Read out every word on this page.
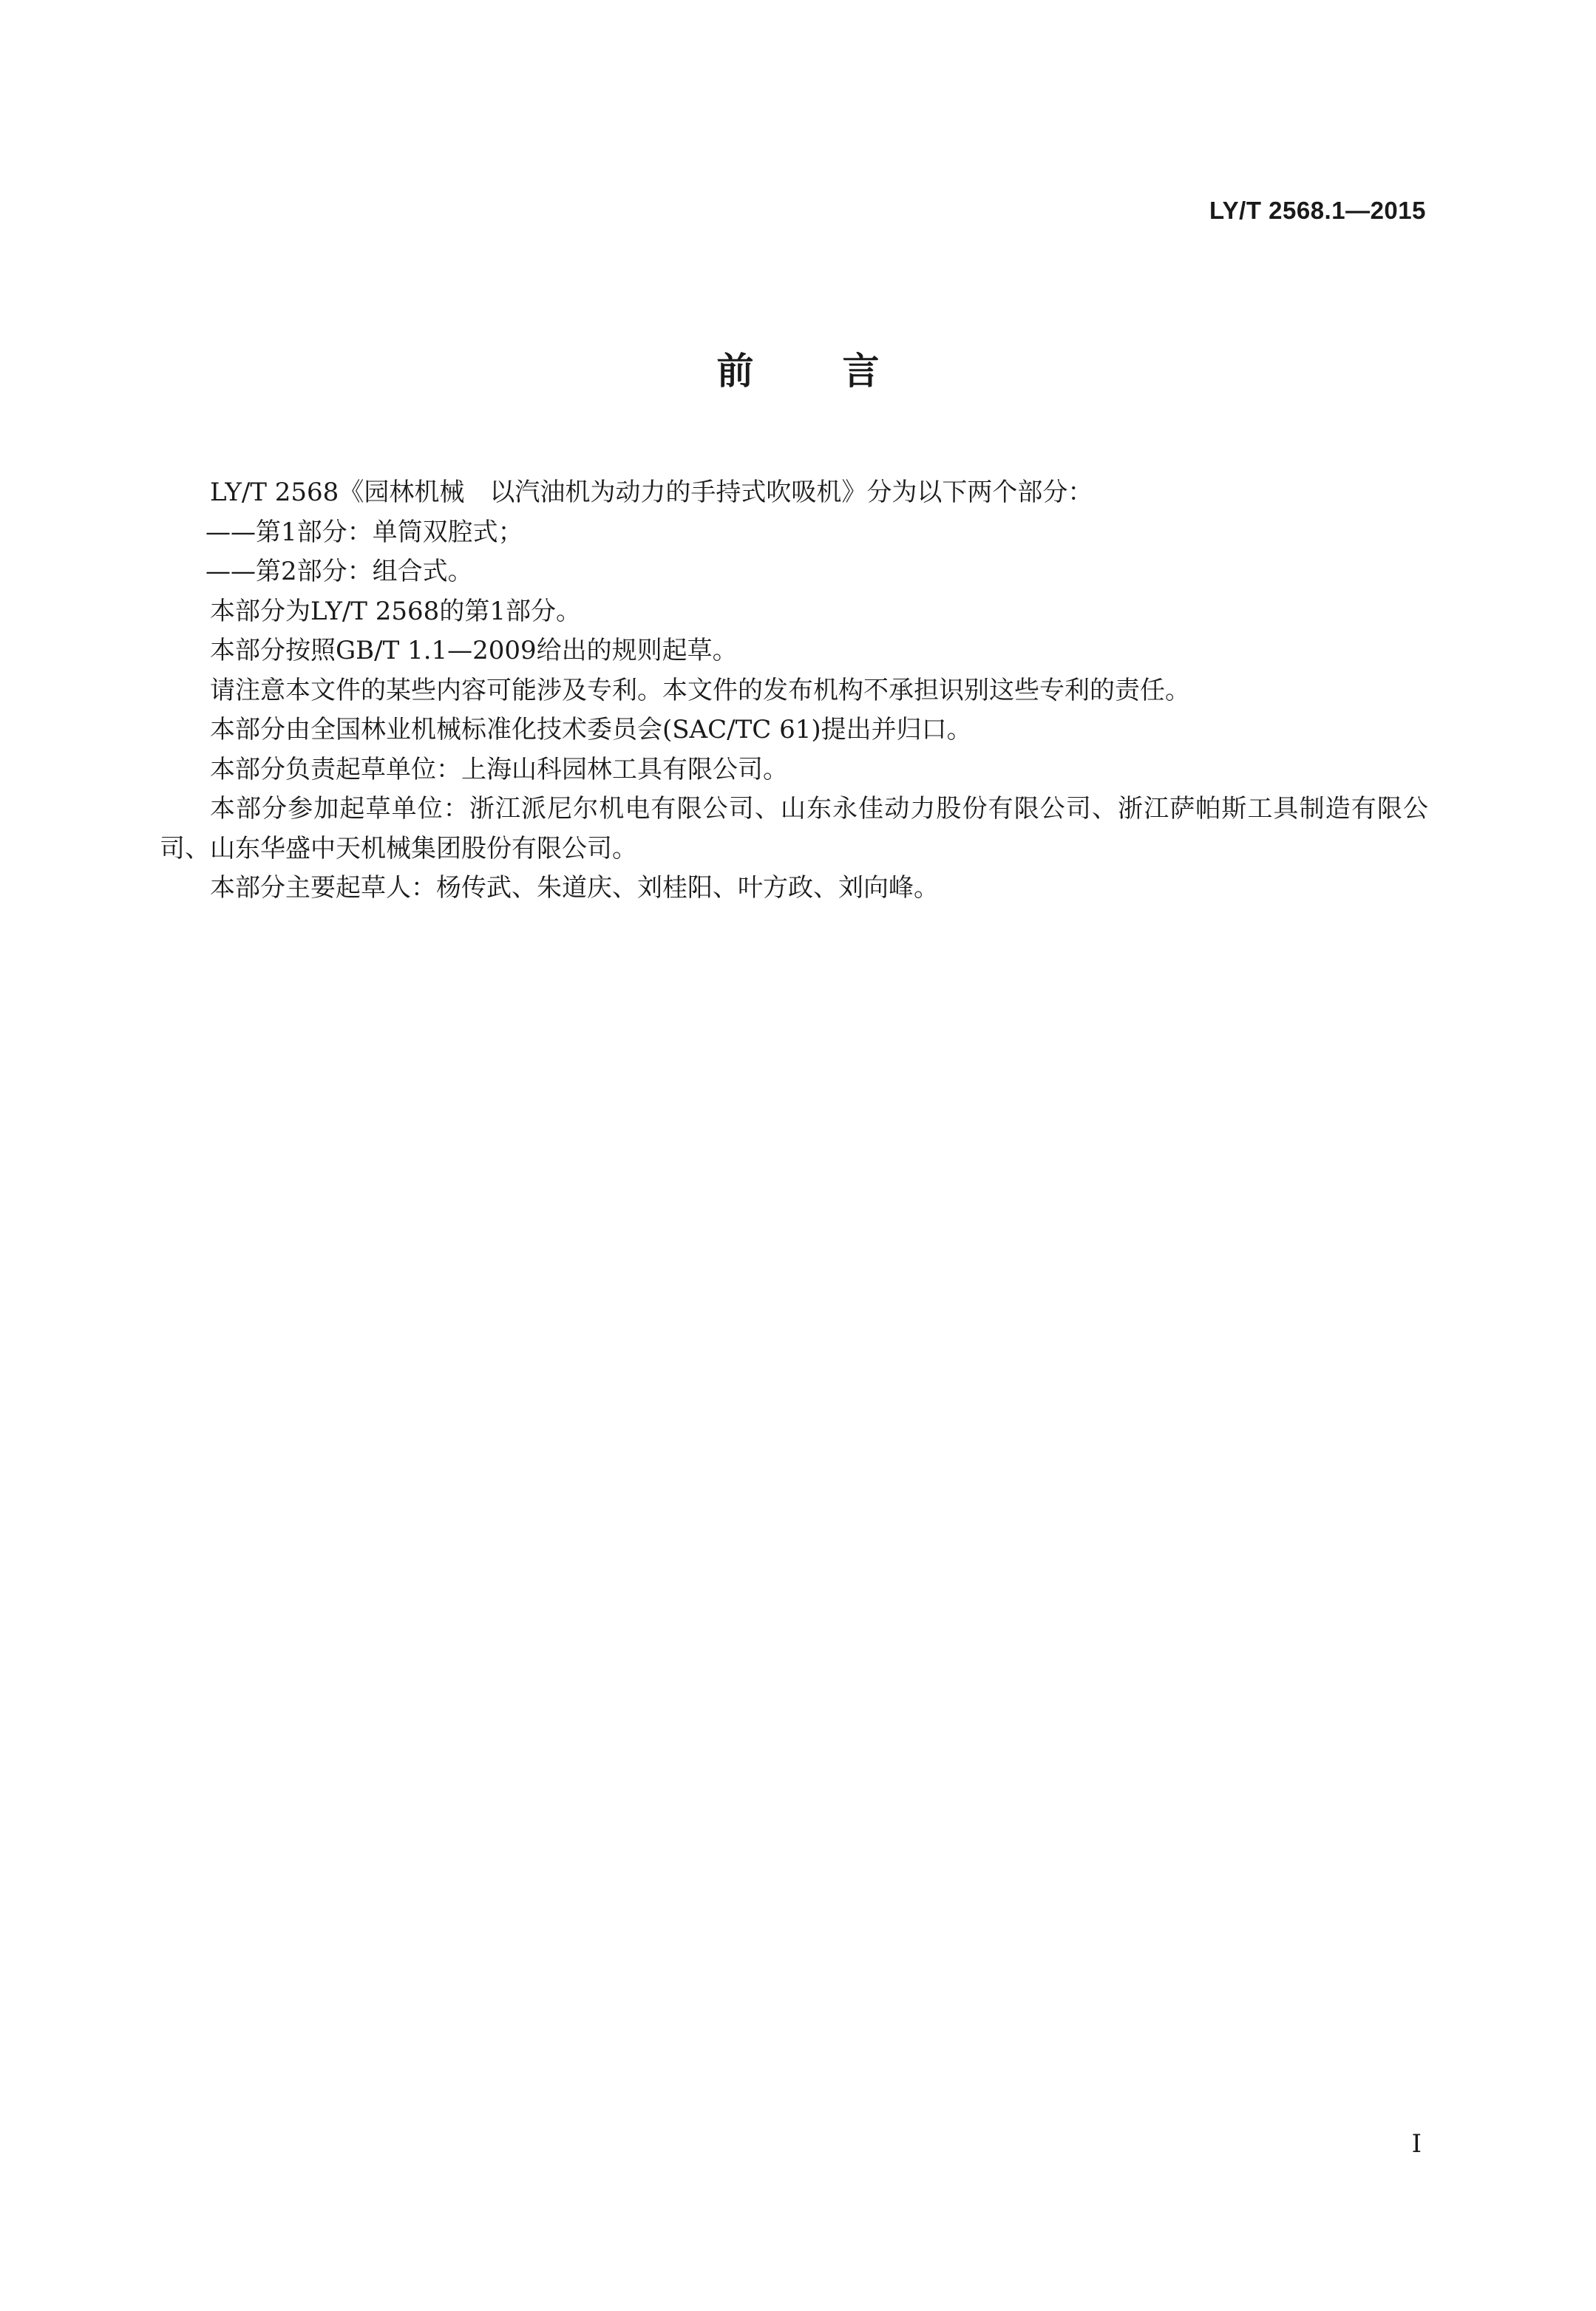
LY/T 2568.1—2015
前言

LY/T 2568《园林机械　以汽油机为动力的手持式吹吸机》分为以下两个部分：

——第1部分：单筒双腔式；

——第2部分：组合式。

本部分为LY/T 2568的第1部分。

本部分按照GB/T 1.1—2009给出的规则起草。

请注意本文件的某些内容可能涉及专利。本文件的发布机构不承担识别这些专利的责任。

本部分由全国林业机械标准化技术委员会(SAC/TC 61)提出并归口。

本部分负责起草单位：上海山科园林工具有限公司。

本部分参加起草单位：浙江派尼尔机电有限公司、山东永佳动力股份有限公司、浙江萨帕斯工具制造有限公司、山东华盛中天机械集团股份有限公司。

本部分主要起草人：杨传武、朱道庆、刘桂阳、叶方政、刘向峰。

I
